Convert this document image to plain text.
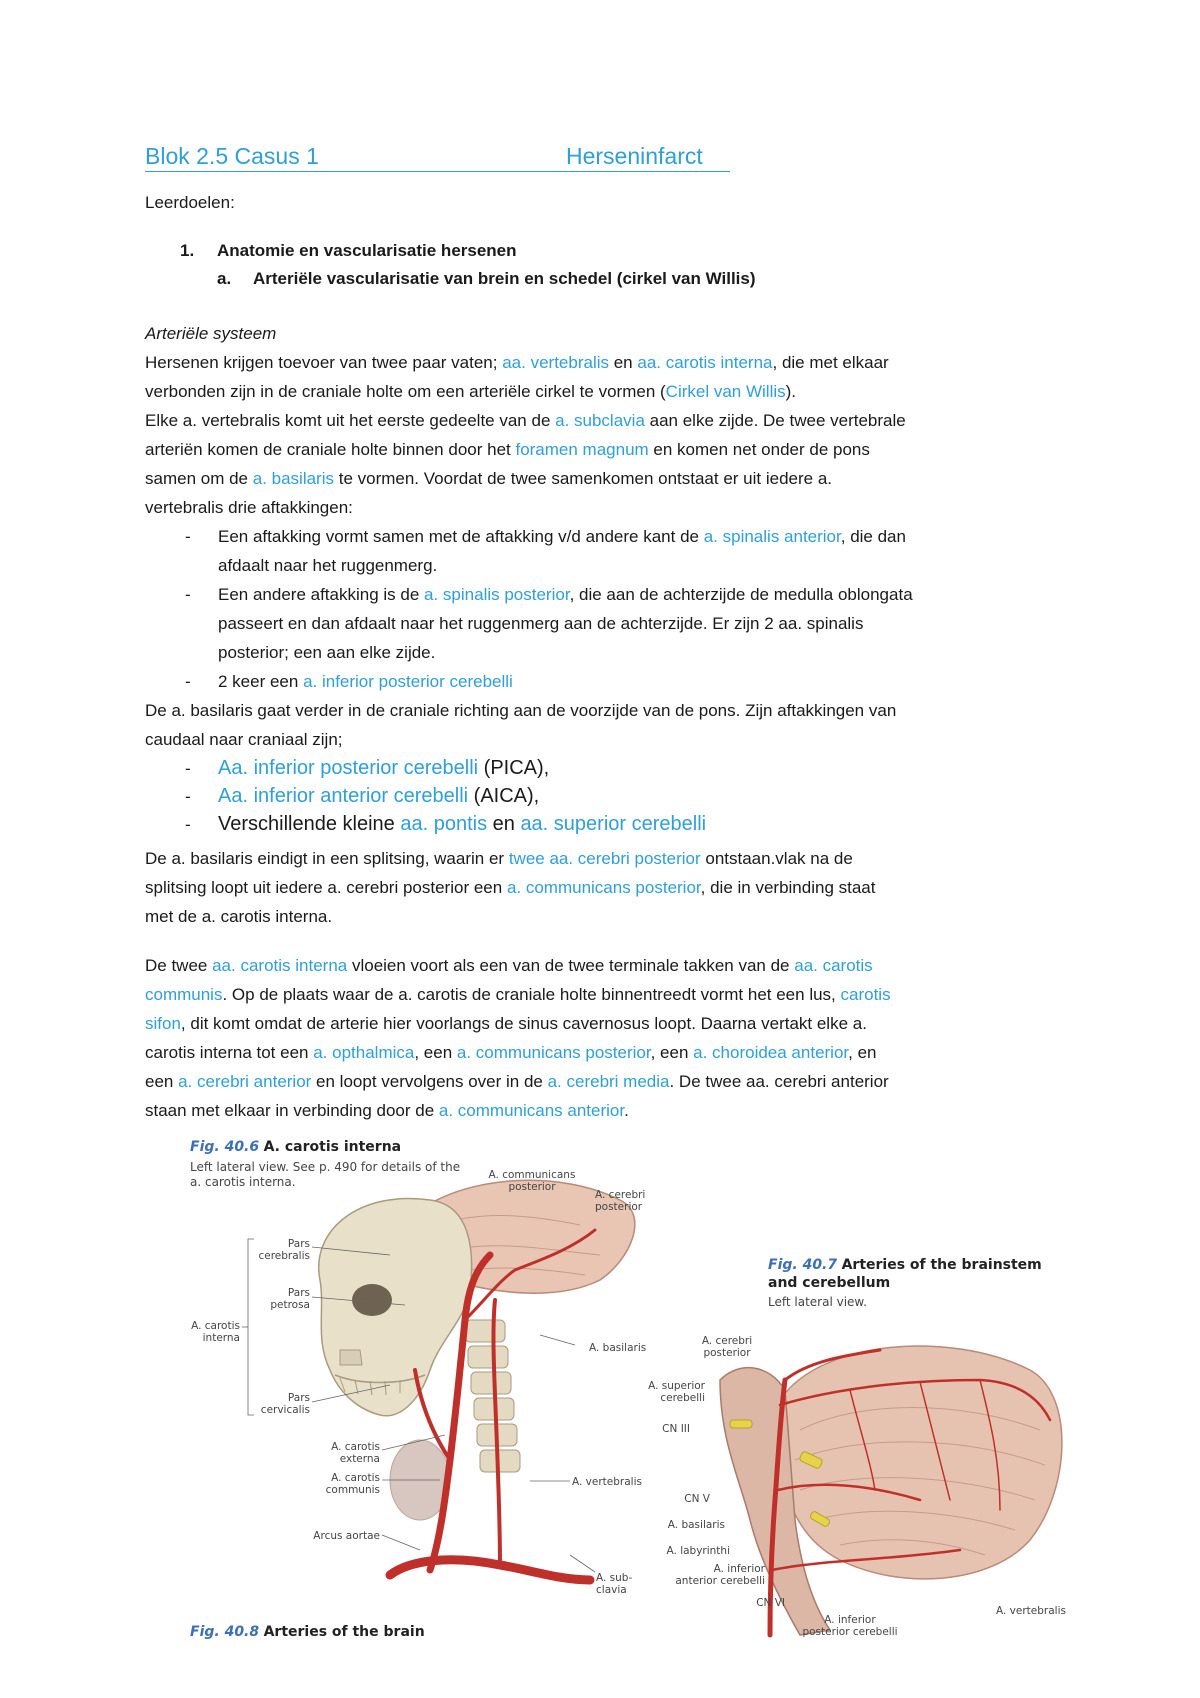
Blok 2.5 Casus 1	Herseninfarct
Leerdoelen:
1. Anatomie en vascularisatie hersenen
a. Arteriële vascularisatie van brein en schedel (cirkel van Willis)
Arteriële systeem
Hersenen krijgen toevoer van twee paar vaten; aa. vertebralis en aa. carotis interna, die met elkaar
verbonden zijn in de craniale holte om een arteriële cirkel te vormen (Cirkel van Willis).
Elke a. vertebralis komt uit het eerste gedeelte van de a. subclavia aan elke zijde. De twee vertebrale
arteriën komen de craniale holte binnen door het foramen magnum en komen net onder de pons
samen om de a. basilaris te vormen. Voordat de twee samenkomen ontstaat er uit iedere a.
vertebralis drie aftakkingen:
- Een aftakking vormt samen met de aftakking v/d andere kant de a. spinalis anterior, die dan
afdaalt naar het ruggenmerg.
- Een andere aftakking is de a. spinalis posterior, die aan de achterzijde de medulla oblongata
passeert en dan afdaalt naar het ruggenmerg aan de achterzijde. Er zijn 2 aa. spinalis
posterior; een aan elke zijde.
- 2 keer een a. inferior posterior cerebelli
De a. basilaris gaat verder in de craniale richting aan de voorzijde van de pons. Zijn aftakkingen van
caudaal naar craniaal zijn;
- Aa. inferior posterior cerebelli (PICA),
- Aa. inferior anterior cerebelli (AICA),
- Verschillende kleine aa. pontis en aa. superior cerebelli
De a. basilaris eindigt in een splitsing, waarin er twee aa. cerebri posterior ontstaan.vlak na de
splitsing loopt uit iedere a. cerebri posterior een a. communicans posterior, die in verbinding staat
met de a. carotis interna.
De twee aa. carotis interna vloeien voort als een van de twee terminale takken van de aa. carotis
communis. Op de plaats waar de a. carotis de craniale holte binnentreedt vormt het een lus, carotis
sifon, dit komt omdat de arterie hier voorlangs de sinus cavernosus loopt. Daarna vertakt elke a.
carotis interna tot een a. opthalmica, een a. communicans posterior, een a. choroidea anterior, en
een a. cerebri anterior en loopt vervolgens over in de a. cerebri media. De twee aa. cerebri anterior
staan met elkaar in verbinding door de a. communicans anterior.
Fig. 40.6 A. carotis interna
Left lateral view. See p. 490 for details of the
a. carotis interna.	A. communicans
posterior
A. cerebri
posterior
Pars
cerebralis
Pars
petrosa
A. carotis
interna
A. basilaris
Pars
cervicalis
A. carotis
externa
A. carotis
communis
A. vertebralis
Arcus aortae
A. sub-
clavia
Fig. 40.8 Arteries of the brain
Fig. 40.7 Arteries of the brainstem
and cerebellum
Left lateral view.
A. cerebri
posterior
A. superior
cerebelli
CN III
CN V
A. basilaris
A. labyrinthi
A. inferior
anterior cerebelli
CN VI
A. vertebralis
A. inferior
posterior cerebelli
